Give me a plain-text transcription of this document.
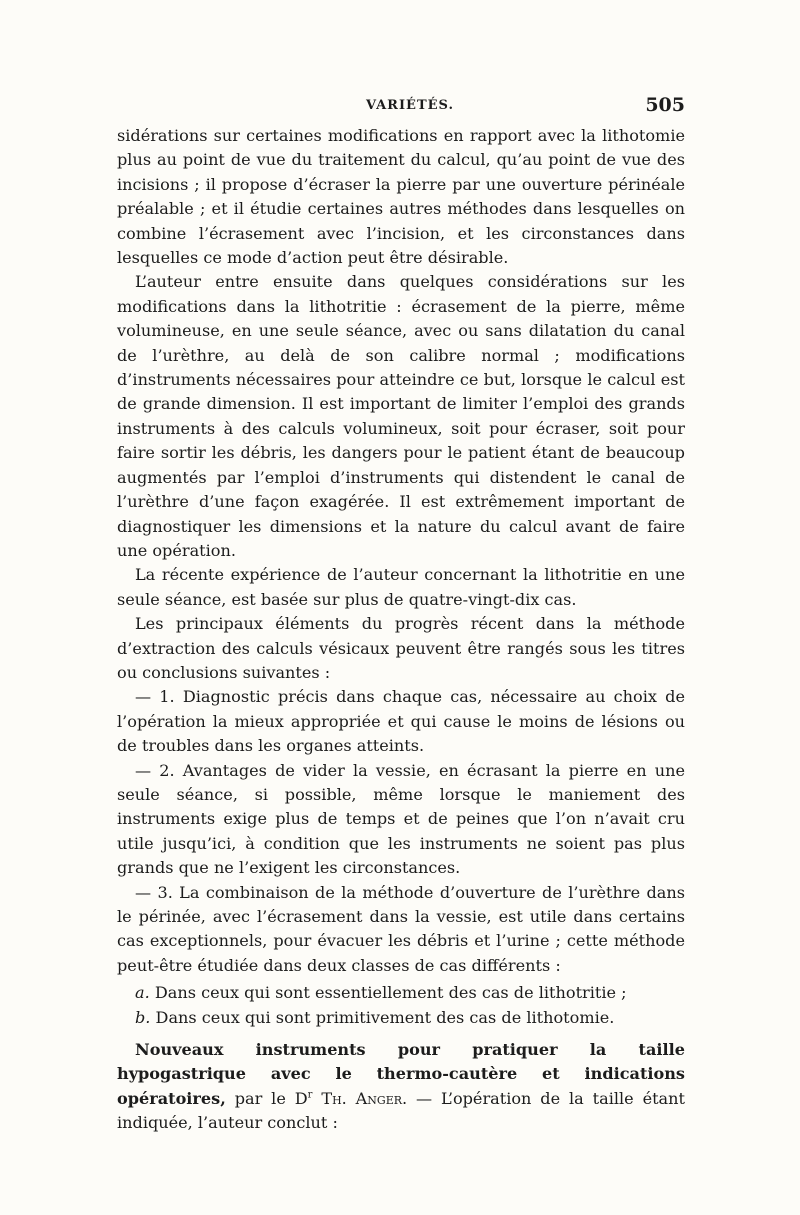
VARIÉTÉS.	505

sidérations sur certaines modifications en rapport avec la lithotomie plus au point de vue du traitement du calcul, qu’au point de vue des incisions ; il propose d’écraser la pierre par une ouverture périnéale préalable ; et il étudie certaines autres méthodes dans lesquelles on combine l’écrasement avec l’incision, et les circonstances dans lesquelles ce mode d’action peut être désirable.

L’auteur entre ensuite dans quelques considérations sur les modifications dans la lithotritie : écrasement de la pierre, même volumineuse, en une seule séance, avec ou sans dilatation du canal de l’urèthre, au delà de son calibre normal ; modifications d’instruments nécessaires pour atteindre ce but, lorsque le calcul est de grande dimension. Il est important de limiter l’emploi des grands instruments à des calculs volumineux, soit pour écraser, soit pour faire sortir les débris, les dangers pour le patient étant de beaucoup augmentés par l’emploi d’instruments qui distendent le canal de l’urèthre d’une façon exagérée. Il est extrêmement important de diagnostiquer les dimensions et la nature du calcul avant de faire une opération.

La récente expérience de l’auteur concernant la lithotritie en une seule séance, est basée sur plus de quatre-vingt-dix cas.

Les principaux éléments du progrès récent dans la méthode d’extraction des calculs vésicaux peuvent être rangés sous les titres ou conclusions suivantes :

— 1. Diagnostic précis dans chaque cas, nécessaire au choix de l’opération la mieux appropriée et qui cause le moins de lésions ou de troubles dans les organes atteints.

— 2. Avantages de vider la vessie, en écrasant la pierre en une seule séance, si possible, même lorsque le maniement des instruments exige plus de temps et de peines que l’on n’avait cru utile jusqu’ici, à condition que les instruments ne soient pas plus grands que ne l’exigent les circonstances.

— 3. La combinaison de la méthode d’ouverture de l’urèthre dans le périnée, avec l’écrasement dans la vessie, est utile dans certains cas exceptionnels, pour évacuer les débris et l’urine ; cette méthode peut-être étudiée dans deux classes de cas différents :

a. Dans ceux qui sont essentiellement des cas de lithotritie ;

b. Dans ceux qui sont primitivement des cas de lithotomie.

Nouveaux instruments pour pratiquer la taille hypogastrique avec le thermo-cautère et indications opératoires, par le $D^r$ Th. Anger. — L’opération de la taille étant indiquée, l’auteur conclut :
